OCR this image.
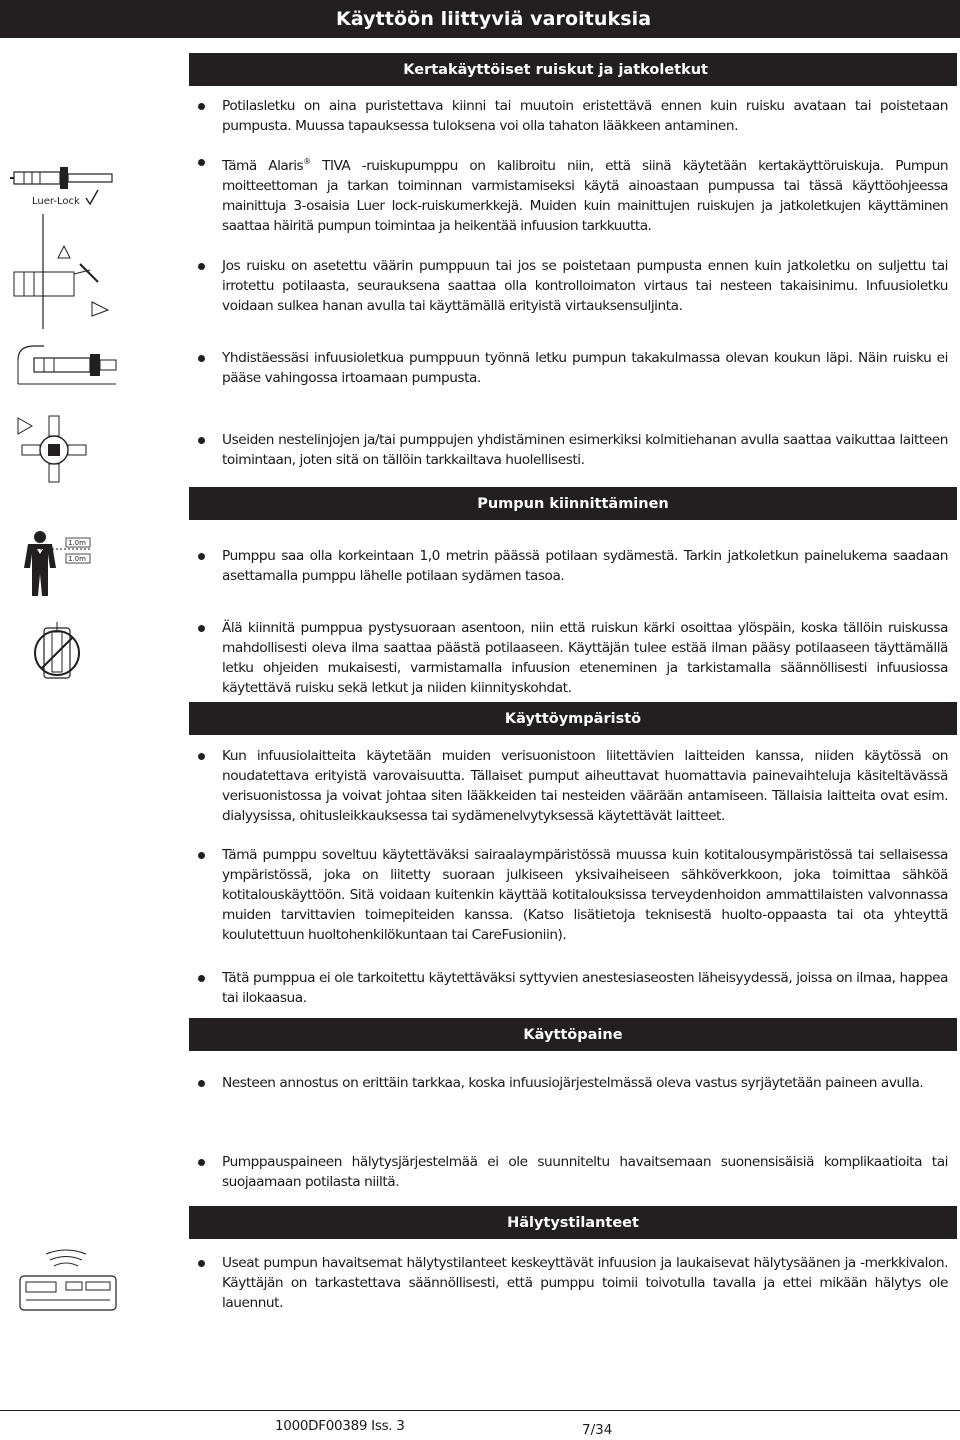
Käyttöön liittyviä varoituksia
Kertakäyttöiset ruiskut ja jatkoletkut
Potilasletku on aina puristettava kiinni tai muutoin eristettävä ennen kuin ruisku avataan tai poistetaan pumpusta. Muussa tapauksessa tuloksena voi olla tahaton lääkkeen antaminen.
Tämä Alaris® TIVA -ruiskupumppu on kalibroitu niin, että siinä käytetään kertakäyttöruiskuja. Pumpun moitteettoman ja tarkan toiminnan varmistamiseksi käytä ainoastaan pumpussa tai tässä käyttöohjeessa mainittuja 3-osaisia Luer lock-ruiskumerkkejä. Muiden kuin mainittujen ruiskujen ja jatkoletkujen käyttäminen saattaa häiritä pumpun toimintaa ja heikentää infuusion tarkkuutta.
Jos ruisku on asetettu väärin pumppuun tai jos se poistetaan pumpusta ennen kuin jatkoletku on suljettu tai irrotettu potilaasta, seurauksena saattaa olla kontrolloimaton virtaus tai nesteen takaisinimu. Infuusioletku voidaan sulkea hanan avulla tai käyttämällä erityistä virtauksensuljinta.
Yhdistäessäsi infuusioletkua pumppuun työnnä letku pumpun takakulmassa olevan koukun läpi. Näin ruisku ei pääse vahingossa irtoamaan pumpusta.
Useiden nestelinjojen ja/tai pumppujen yhdistäminen esimerkiksi kolmitiehanan avulla saattaa vaikuttaa laitteen toimintaan, joten sitä on tällöin tarkkailtava huolellisesti.
Pumpun kiinnittäminen
Pumppu saa olla korkeintaan 1,0 metrin päässä potilaan sydämestä. Tarkin jatkoletkun painelukema saadaan asettamalla pumppu lähelle potilaan sydämen tasoa.
Älä kiinnitä pumppua pystysuoraan asentoon, niin että ruiskun kärki osoittaa ylöspäin, koska tällöin ruiskussa mahdollisesti oleva ilma saattaa päästä potilaaseen. Käyttäjän tulee estää ilman pääsy potilaaseen täyttämällä letku ohjeiden mukaisesti, varmistamalla infuusion eteneminen ja tarkistamalla säännöllisesti infuusiossa käytettävä ruisku sekä letkut ja niiden kiinnityskohdat.
Käyttöympäristö
Kun infuusiolaitteita käytetään muiden verisuonistoon liitettävien laitteiden kanssa, niiden käytössä on noudatettava erityistä varovaisuutta. Tällaiset pumput aiheuttavat huomattavia painevaihteluja käsiteltävässä verisuonistossa ja voivat johtaa siten lääkkeiden tai nesteiden väärään antamiseen. Tällaisia laitteita ovat esim. dialyysissa, ohitusleikkauksessa tai sydämenelvytyksessä käytettävät laitteet.
Tämä pumppu soveltuu käytettäväksi sairaalaympäristössä muussa kuin kotitalousympäristössä tai sellaisessa ympäristössä, joka on liitetty suoraan julkiseen yksivaiheiseen sähköverkkoon, joka toimittaa sähköä kotitalouskäyttöön. Sitä voidaan kuitenkin käyttää kotitalouksissa terveydenhoidon ammattilaisten valvonnassa muiden tarvittavien toimepiteiden kanssa. (Katso lisätietoja teknisestä huolto-oppaasta tai ota yhteyttä koulutettuun huoltohenkilökuntaan tai CareFusioniin).
Tätä pumppua ei ole tarkoitettu käytettäväksi syttyvien anestesiaseosten läheisyydessä, joissa on ilmaa, happea tai ilokaasua.
Käyttöpaine
Nesteen annostus on erittäin tarkkaa, koska infuusiojärjestelmässä oleva vastus syrjäytetään paineen avulla.
Pumppauspaineen hälytysjärjestelmää ei ole suunniteltu havaitsemaan suonensisäisiä komplikaatioita tai suojaamaan potilasta niiltä.
Hälytystilanteet
Useat pumpun havaitsemat hälytystilanteet keskeyttävät infuusion ja laukaisevat hälytysäänen ja -merkkivalon. Käyttäjän on tarkastettava säännöllisesti, että pumppu toimii toivotulla tavalla ja ettei mikään hälytys ole lauennut.
Luer-Lock
1.0m
1.0m
1000DF00389 Iss. 3	7/34
